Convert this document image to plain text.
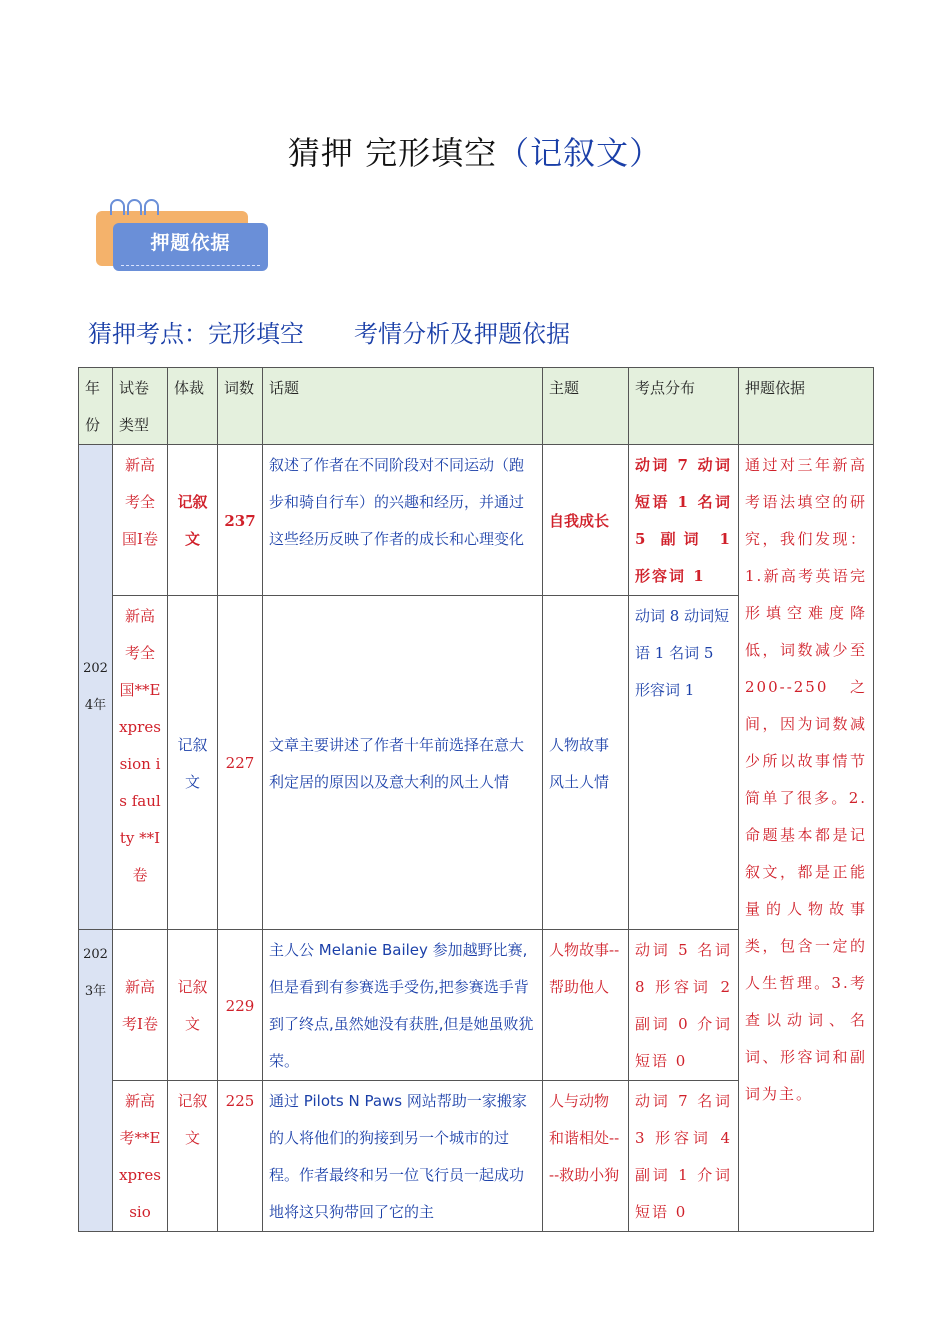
猜押 完形填空（记叙文）
押题依据
猜押考点：完形填空 考情分析及押题依据
年份	试卷类型	体裁	词数	话题	主题	考点分布	押题依据
2024年	新高考全国I卷	记叙文	237	叙述了作者在不同阶段对不同运动（跑步和骑自行车）的兴趣和经历，并通过这些经历反映了作者的成长和心理变化	自我成长	动词 7 动词短语 1 名词 5 副词 1 形容词 1	通过对三年新高考语法填空的研究，我们发现：1.新高考英语完形填空难度降低，词数减少至 200--250 之间，因为词数减少所以故事情节简单了很多。2.命题基本都是记叙文，都是正能量的人物故事类，包含一定的人生哲理。3.考查以动词、名词、形容词和副词为主。
	新高考全国**Expression is faulty **I卷	记叙文	227	文章主要讲述了作者十年前选择在意大利定居的原因以及意大利的风土人情	人物故事风土人情	动词 8 动词短语 1 名词 5 形容词 1	
2023年	新高考I卷	记叙文	229	主人公 Melanie Bailey 参加越野比赛,但是看到有参赛选手受伤,把参赛选手背到了终点,虽然她没有获胜,但是她虽败犹荣。	人物故事--帮助他人	动词 5 名词 8 形容词 2 副词 0 介词短语 0	
	新高考**Expressio	记叙文	225	通过 Pilots N Paws 网站帮助一家搬家的人将他们的狗接到另一个城市的过程。作者最终和另一位飞行员一起成功地将这只狗带回了它的主	人与动物和谐相处----救助小狗	动词 7 名词 3 形容词 4 副词 1 介词短语 0	
